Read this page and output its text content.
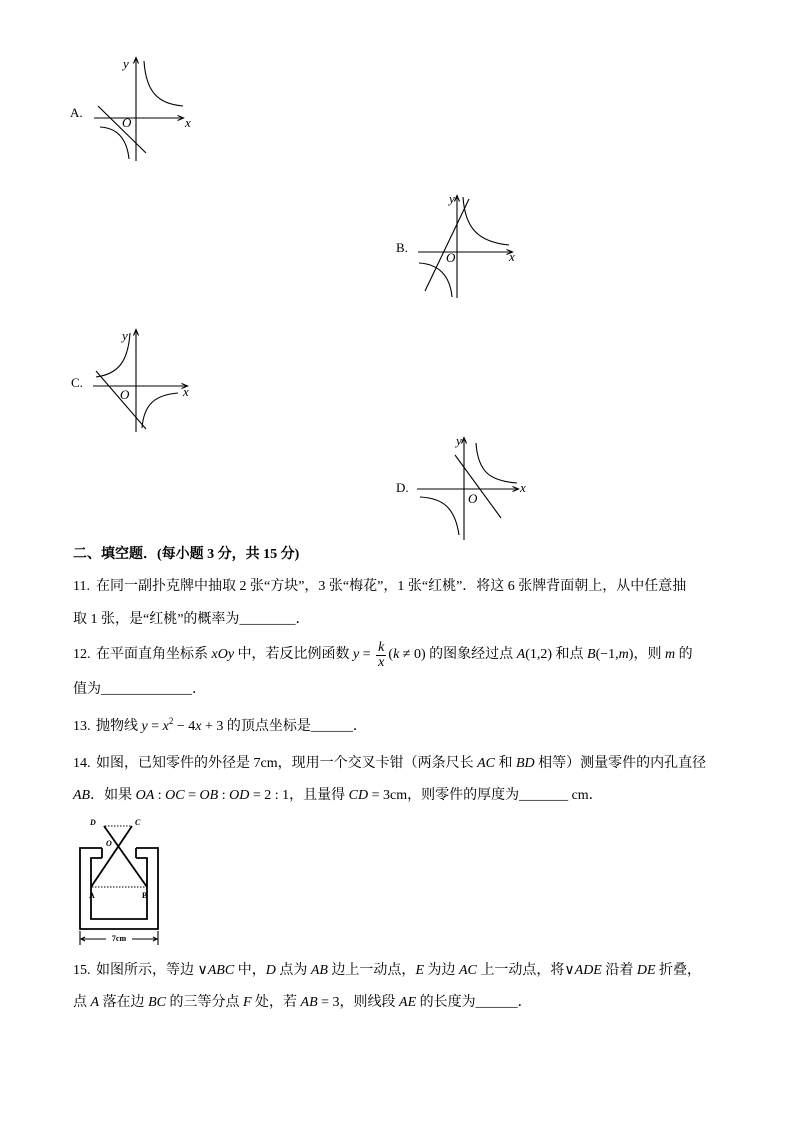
A.
y
O	x
B.
y
O	x
C.
y
O	x
D.
y
O
x
二、填空题．(每小题 3 分，共 15 分)
11. 在同一副扑克牌中抽取 2 张“方块”，3 张“梅花”，1 张“红桃”．将这 6 张牌背面朝上，从中任意抽
取 1 张，是“红桃”的概率为 ________ ．
12. 在平面直角坐标系 xOy 中，若反比例函数 $y = \frac{k}{x}$ ( k ≠ 0) 的图象经过点 A (1,2) 和点 B (−1, m ) ，则 m 的
值为 _____________ ．
13. 抛物线 y = x 2 − 4 x + 3 的顶点坐标是 ______ ．
14. 如图，已知零件的外径是 7cm ，现用一个交叉卡钳（两条尺长 AC 和 BD 相等）测量零件的内孔直径
AB ．如果 OA : OC = OB : OD = 2 : 1 ，且量得 CD = 3cm ，则零件的厚度为 _______ cm．
D	C
O
A	B
7cm
15. 如图所示，等边 ∨ ABC 中， D 点为 AB 边上一动点， E 为边 AC 上一动点，将 ∨ ADE 沿着 DE 折叠，
点 A 落在边 BC 的三等分点 F 处，若 AB = 3 ，则线段 AE 的长度为 ______ ．
